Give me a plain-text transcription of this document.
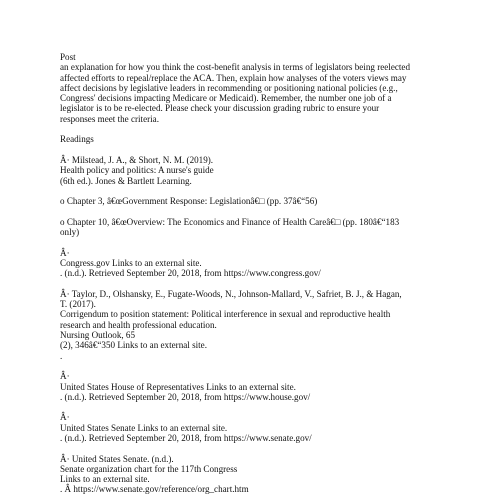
Post
an explanation for how you think the cost-benefit analysis in terms of legislators being reelected
affected efforts to repeal/replace the ACA. Then, explain how analyses of the voters views may
affect decisions by legislative leaders in recommending or positioning national policies (e.g.,
Congress' decisions impacting Medicare or Medicaid). Remember, the number one job of a
legislator is to be re-elected. Please check your discussion grading rubric to ensure your
responses meet the criteria.
Readings
Â· Milstead, J. A., & Short, N. M. (2019).
Health policy and politics: A nurse's guide
(6th ed.). Jones & Bartlett Learning.
o Chapter 3, â€œGovernment Response: Legislationâ€□ (pp. 37â€“56)
o Chapter 10, â€œOverview: The Economics and Finance of Health Careâ€□ (pp. 180â€“183
only)
Â·
Congress.gov Links to an external site.
. (n.d.). Retrieved September 20, 2018, from https://www.congress.gov/
Â· Taylor, D., Olshansky, E., Fugate-Woods, N., Johnson-Mallard, V., Safriet, B. J., & Hagan,
T. (2017).
Corrigendum to position statement: Political interference in sexual and reproductive health
research and health professional education.
Nursing Outlook, 65
(2), 346â€“350 Links to an external site.
.
Â·
United States House of Representatives Links to an external site.
. (n.d.). Retrieved September 20, 2018, from https://www.house.gov/
Â·
United States Senate Links to an external site.
. (n.d.). Retrieved September 20, 2018, from https://www.senate.gov/
Â· United States Senate. (n.d.).
Senate organization chart for the 117th Congress
Links to an external site.
. Â https://www.senate.gov/reference/org_chart.htm
